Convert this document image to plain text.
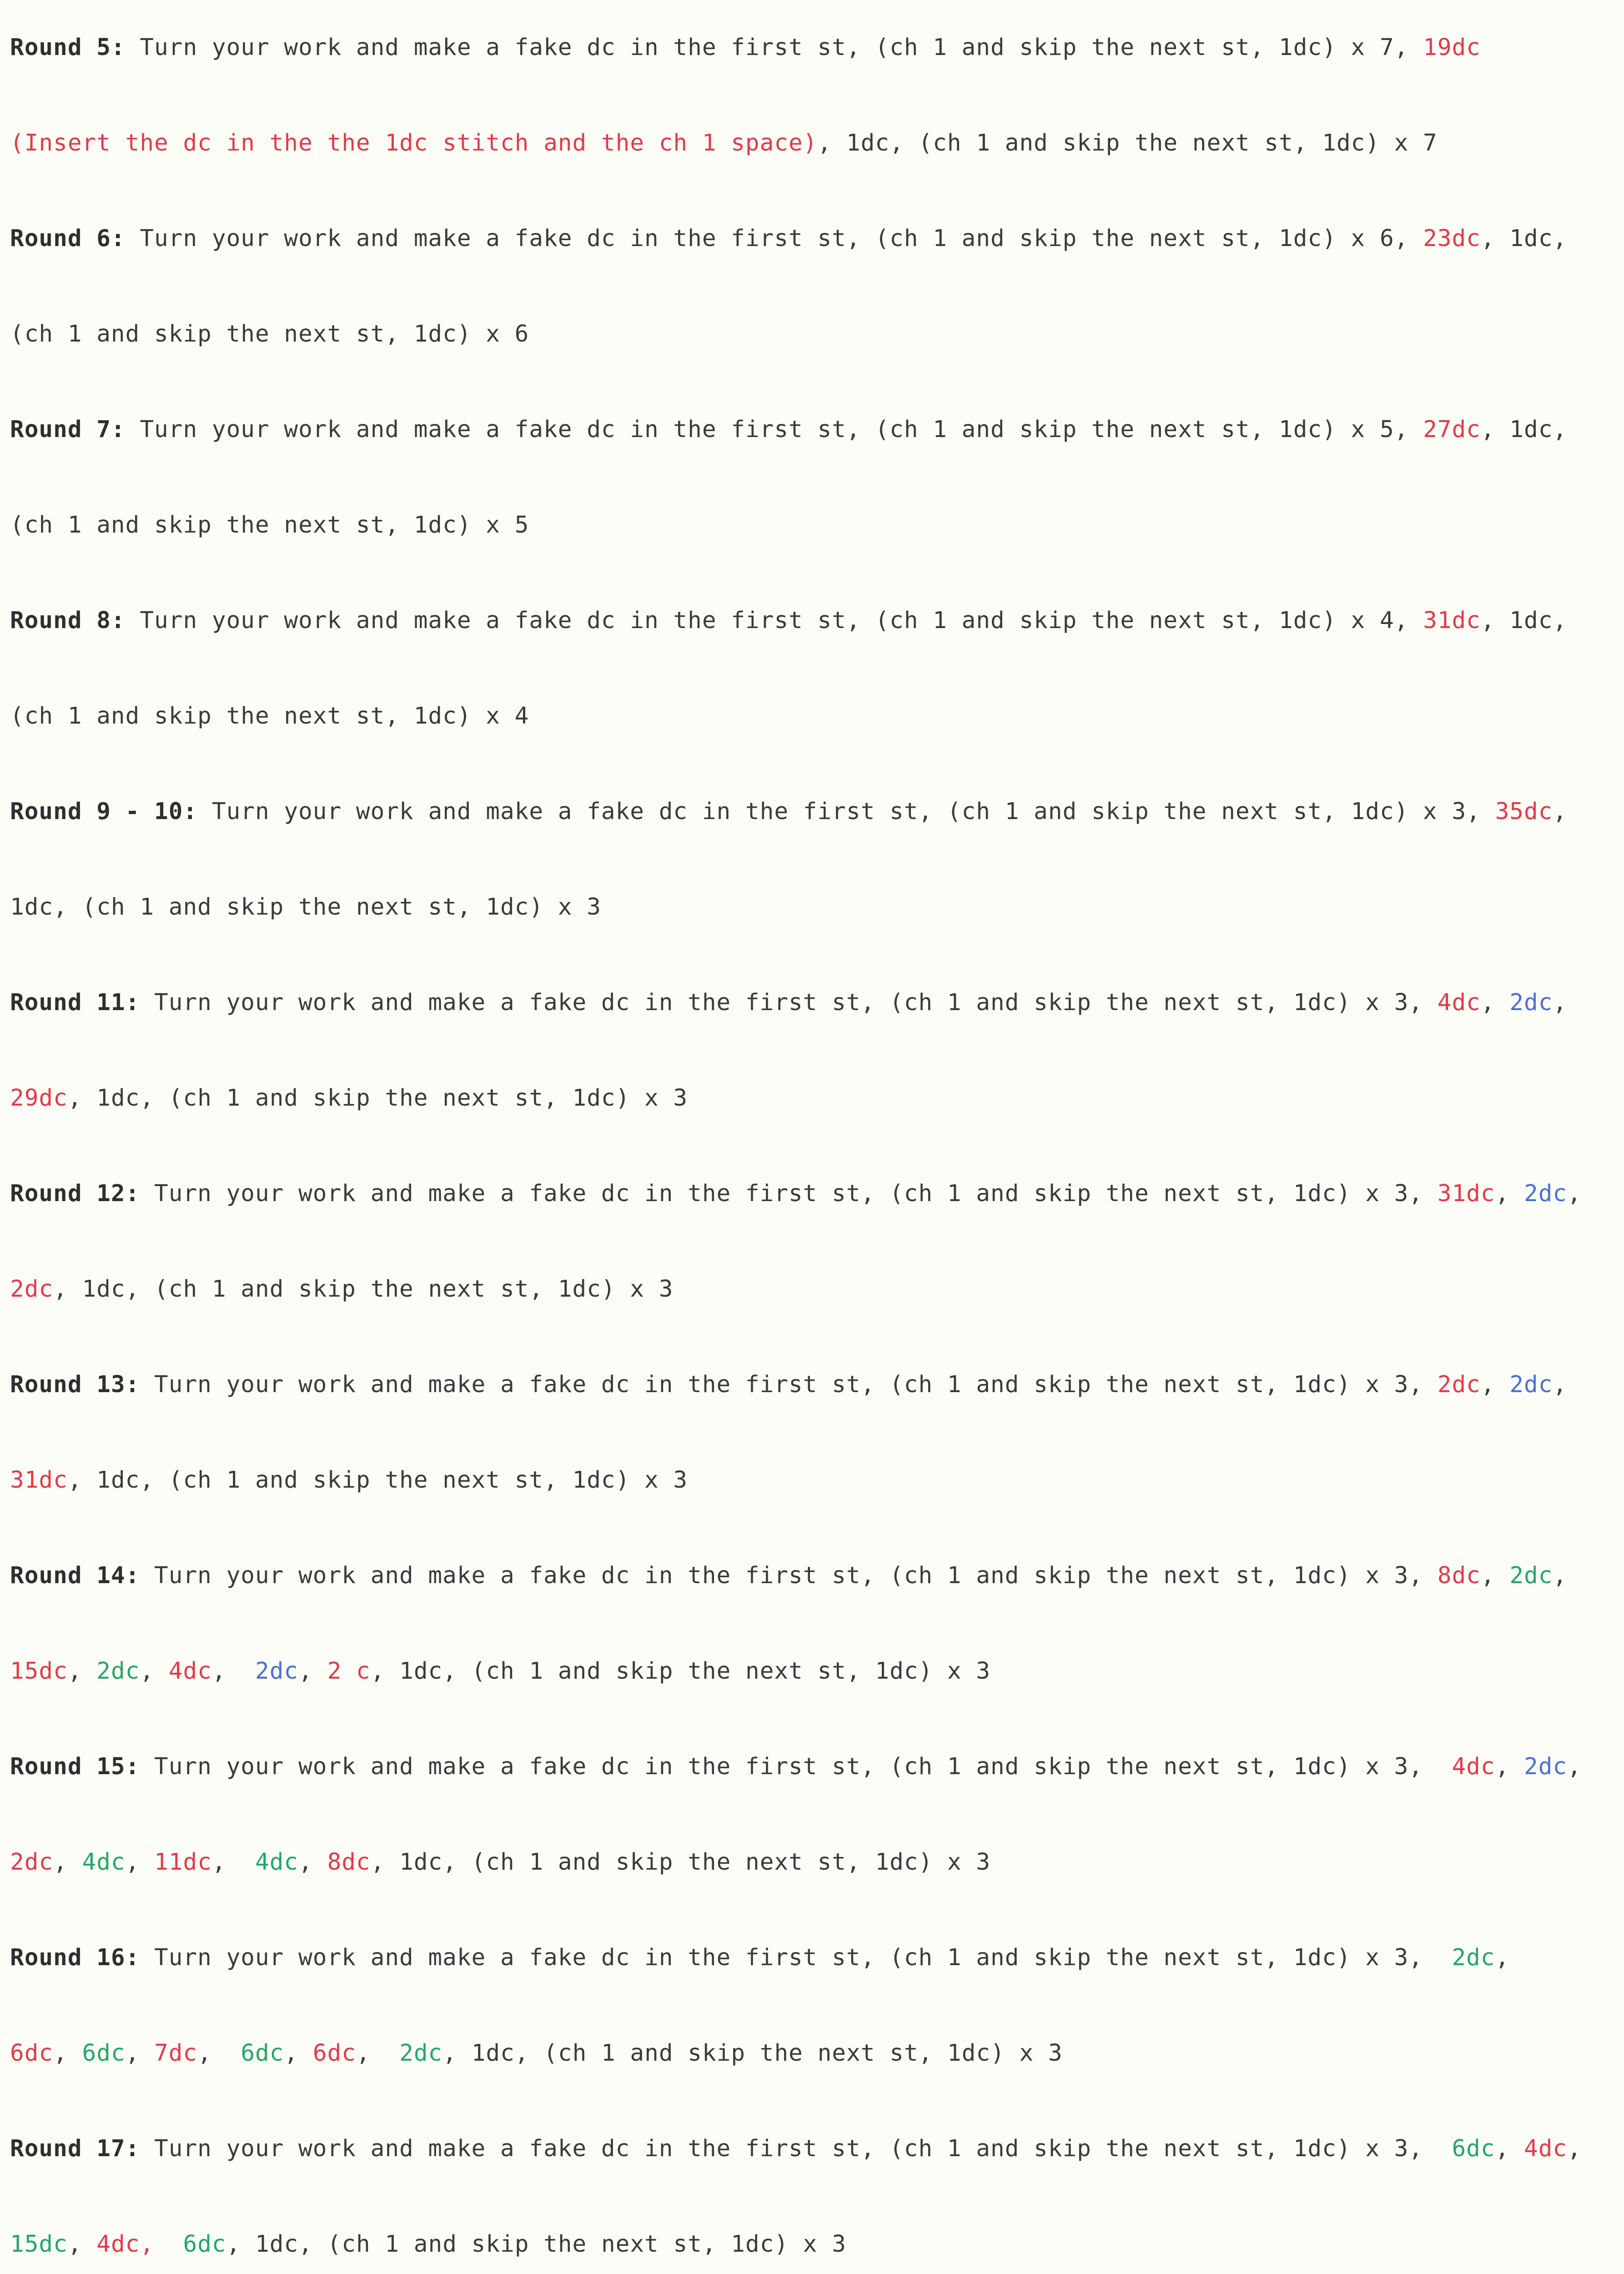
Round 5: Turn your work and make a fake dc in the first st, (ch 1 and skip the next st, 1dc) x 7, 19dc
(Insert the dc in the the 1dc stitch and the ch 1 space), 1dc, (ch 1 and skip the next st, 1dc) x 7
Round 6: Turn your work and make a fake dc in the first st, (ch 1 and skip the next st, 1dc) x 6, 23dc, 1dc,
(ch 1 and skip the next st, 1dc) x 6
Round 7: Turn your work and make a fake dc in the first st, (ch 1 and skip the next st, 1dc) x 5, 27dc, 1dc,
(ch 1 and skip the next st, 1dc) x 5
Round 8: Turn your work and make a fake dc in the first st, (ch 1 and skip the next st, 1dc) x 4, 31dc, 1dc,
(ch 1 and skip the next st, 1dc) x 4
Round 9 - 10: Turn your work and make a fake dc in the first st, (ch 1 and skip the next st, 1dc) x 3, 35dc,
1dc, (ch 1 and skip the next st, 1dc) x 3
Round 11: Turn your work and make a fake dc in the first st, (ch 1 and skip the next st, 1dc) x 3, 4dc, 2dc,
29dc, 1dc, (ch 1 and skip the next st, 1dc) x 3
Round 12: Turn your work and make a fake dc in the first st, (ch 1 and skip the next st, 1dc) x 3, 31dc, 2dc,
2dc, 1dc, (ch 1 and skip the next st, 1dc) x 3
Round 13: Turn your work and make a fake dc in the first st, (ch 1 and skip the next st, 1dc) x 3, 2dc, 2dc,
31dc, 1dc, (ch 1 and skip the next st, 1dc) x 3
Round 14: Turn your work and make a fake dc in the first st, (ch 1 and skip the next st, 1dc) x 3, 8dc, 2dc,
15dc, 2dc, 4dc,  2dc, 2 c, 1dc, (ch 1 and skip the next st, 1dc) x 3
Round 15: Turn your work and make a fake dc in the first st, (ch 1 and skip the next st, 1dc) x 3,  4dc, 2dc,
2dc, 4dc, 11dc,  4dc, 8dc, 1dc, (ch 1 and skip the next st, 1dc) x 3
Round 16: Turn your work and make a fake dc in the first st, (ch 1 and skip the next st, 1dc) x 3,  2dc,
6dc, 6dc, 7dc,  6dc, 6dc,  2dc, 1dc, (ch 1 and skip the next st, 1dc) x 3
Round 17: Turn your work and make a fake dc in the first st, (ch 1 and skip the next st, 1dc) x 3,  6dc, 4dc,
15dc, 4dc, 6dc, 1dc, (ch 1 and skip the next st, 1dc) x 3
